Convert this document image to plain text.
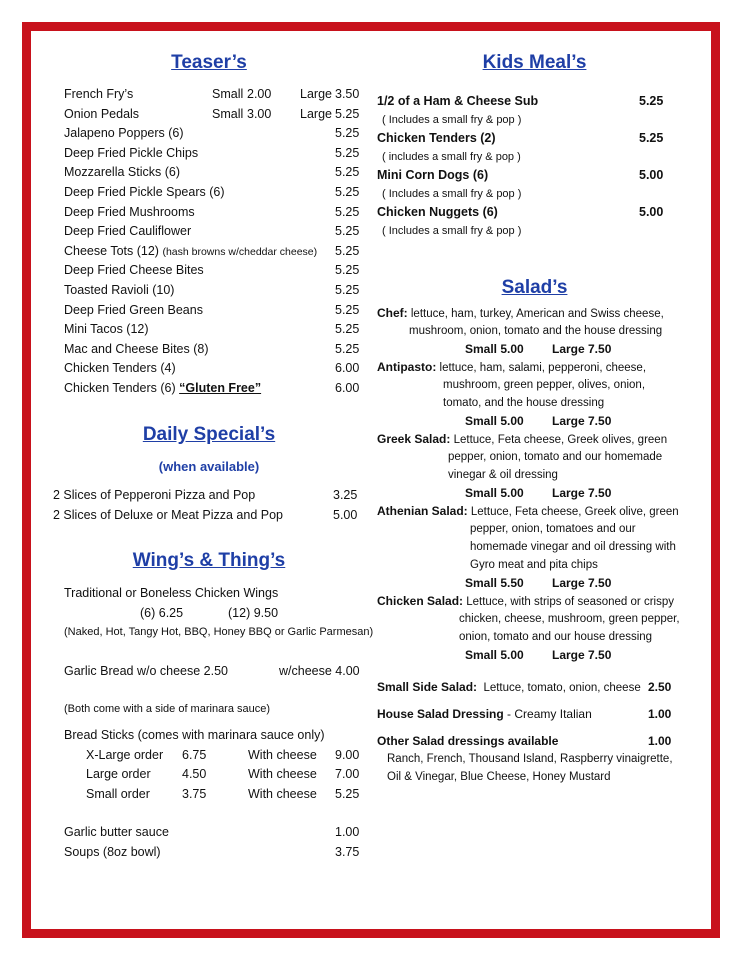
Teaser’s
French Fry’s	Small 2.00 Large 3.50
Onion Pedals	Small 3.00 Large 5.25
Jalapeno Poppers (6)	5.25
Deep Fried Pickle Chips	5.25
Mozzarella Sticks (6)	5.25
Deep Fried Pickle Spears (6)	5.25
Deep Fried Mushrooms	5.25
Deep Fried Cauliflower	5.25
Cheese Tots (12) (hash browns w/cheddar cheese) 5.25
Deep Fried Cheese Bites	5.25
Toasted Ravioli (10)	5.25
Deep Fried Green Beans	5.25
Mini Tacos (12)	5.25
Mac and Cheese Bites (8)	5.25
Chicken Tenders (4)	6.00
Chicken Tenders (6) “Gluten Free”	6.00
Daily Special’s
(when available)
2 Slices of Pepperoni Pizza and Pop	3.25
2 Slices of Deluxe or Meat Pizza and Pop	5.00
Wing’s & Thing’s
Traditional or Boneless Chicken Wings
(6) 6.25	(12) 9.50
(Naked, Hot, Tangy Hot, BBQ, Honey BBQ or Garlic Parmesan)
Garlic Bread w/o cheese 2.50	w/cheese 4.00
(Both come with a side of marinara sauce)
Bread Sticks (comes with marinara sauce only)
X-Large order 6.75	With cheese 9.00
Large order	4.50	With cheese 7.00
Small order	3.75	With cheese 5.25
Garlic butter sauce	1.00
Soups (8oz bowl)	3.75
Kids Meal’s
1/2 of a Ham & Cheese Sub	5.25
( Includes a small fry & pop )
Chicken Tenders (2)	5.25
( includes a small fry & pop )
Mini Corn Dogs (6)	5.00
( Includes a small fry & pop )
Chicken Nuggets (6)	5.00
( Includes a small fry & pop )
Salad’s
Chef: lettuce, ham, turkey, American and Swiss cheese,
mushroom, onion, tomato and the house dressing
Small 5.00 Large 7.50
Antipasto: lettuce, ham, salami, pepperoni, cheese,
mushroom, green pepper, olives, onion,
tomato, and the house dressing
Small 5.00 Large 7.50
Greek Salad: Lettuce, Feta cheese, Greek olives, green
pepper, onion, tomato and our homemade
vinegar & oil dressing
Small 5.00 Large 7.50
Athenian Salad: Lettuce, Feta cheese, Greek olive, green
pepper, onion, tomatoes and our
homemade vinegar and oil dressing with
Gyro meat and pita chips
Small 5.50 Large 7.50
Chicken Salad: Lettuce, with strips of seasoned or crispy
chicken, cheese, mushroom, green pepper,
onion, tomato and our house dressing
Small 5.00 Large 7.50
Small Side Salad: Lettuce, tomato, onion, cheese 2.50
House Salad Dressing - Creamy Italian	1.00
Other Salad dressings available	1.00
Ranch, French, Thousand Island, Raspberry vinaigrette,
Oil & Vinegar, Blue Cheese, Honey Mustard
